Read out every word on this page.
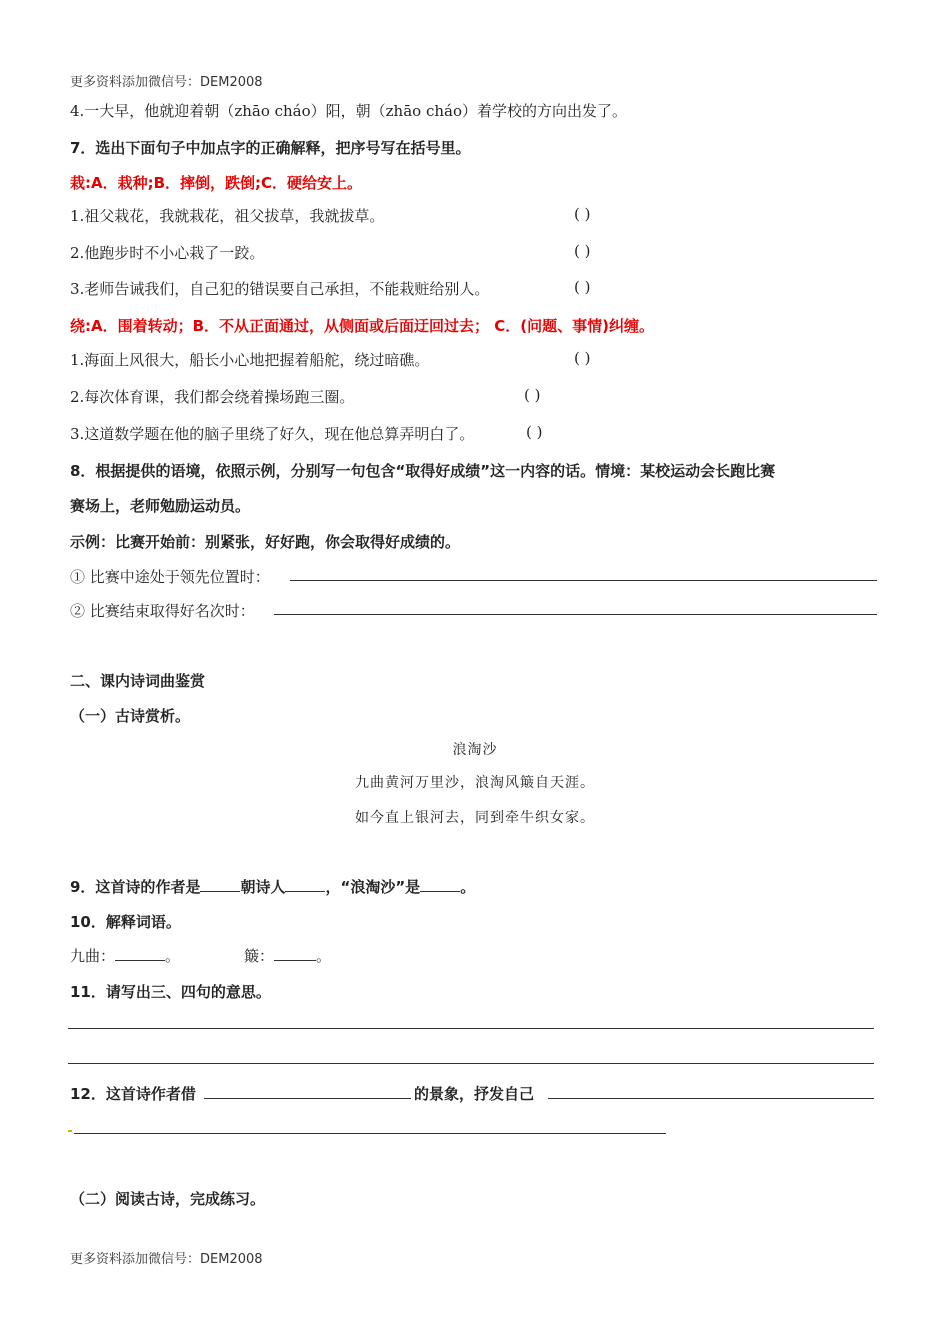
更多资料添加微信号：DEM2008
4.一大早，他就迎着朝（zhāo cháo）阳，朝（zhāo cháo）着学校的方向出发了。
7．选出下面句子中加点字的正确解释，把序号写在括号里。
栽:A．栽种;B．摔倒，跌倒;C．硬给安上。
1.祖父栽花，我就栽花，祖父拔草，我就拔草。	( )
2.他跑步时不小心栽了一跤。	( )
3.老师告诫我们，自己犯的错误要自己承担，不能栽赃给别人。	( )
绕:A．围着转动；B．不从正面通过，从侧面或后面迂回过去； C．(问题、事情)纠缠。
1.海面上风很大，船长小心地把握着船舵，绕过暗礁。	( )
2.每次体育课，我们都会绕着操场跑三圈。	( )
3.这道数学题在他的脑子里绕了好久，现在他总算弄明白了。	( )
8．根据提供的语境，依照示例，分别写一句包含“取得好成绩”这一内容的话。情境：某校运动会长跑比赛
赛场上，老师勉励运动员。
示例：比赛开始前：别紧张，好好跑，你会取得好成绩的。
① 比赛中途处于领先位置时：
② 比赛结束取得好名次时：
二、课内诗词曲鉴赏
（一）古诗赏析。
浪淘沙
九曲黄河万里沙，浪淘风簸自天涯。
如今直上银河去，同到牵牛织女家。
9．这首诗的作者是	朝诗人	，“浪淘沙”是	。
10．解释词语。
九曲：	。	簸：	。
11．请写出三、四句的意思。
12．这首诗作者借	的景象，抒发自己
（二）阅读古诗，完成练习。
更多资料添加微信号：DEM2008
